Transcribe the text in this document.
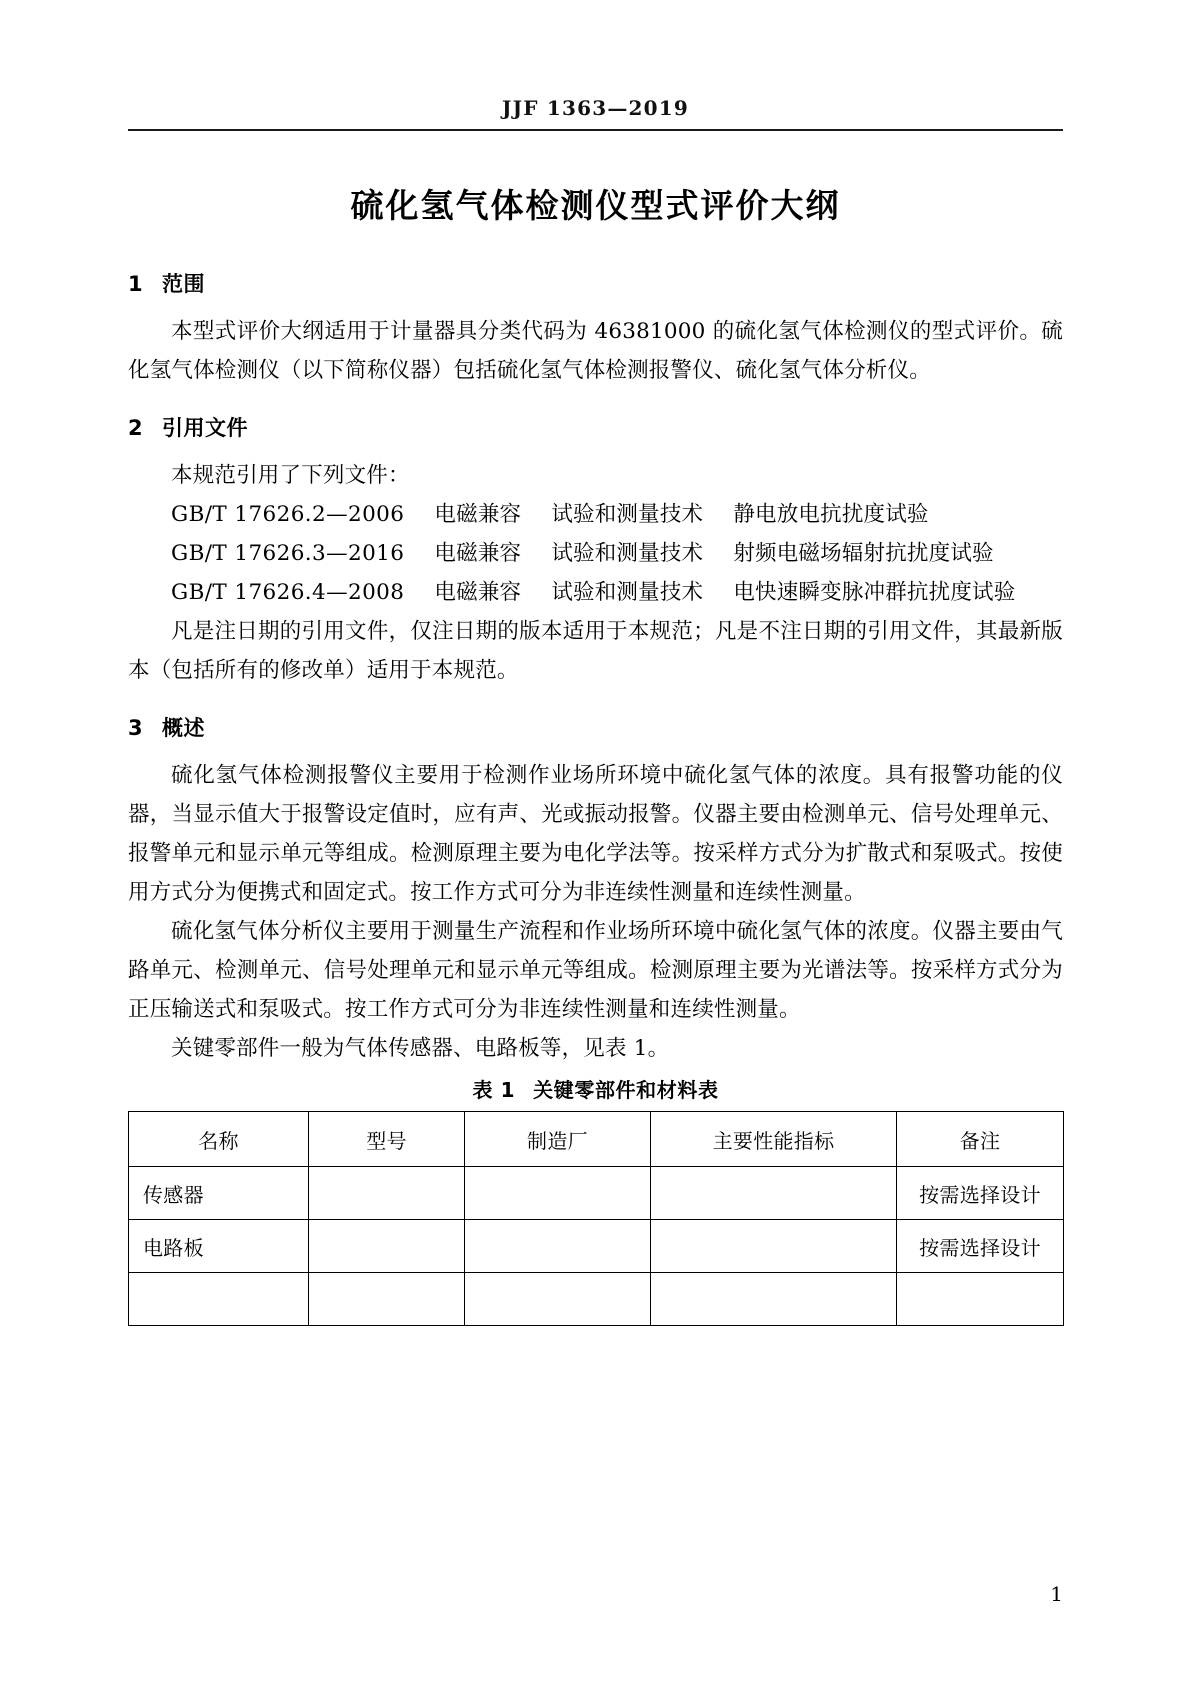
JJF 1363—2019
硫化氢气体检测仪型式评价大纲
1 范围

本型式评价大纲适用于计量器具分类代码为 46381000 的硫化氢气体检测仪的型式评价。硫化氢气体检测仪（以下简称仪器）包括硫化氢气体检测报警仪、硫化氢气体分析仪。

2 引用文件

本规范引用了下列文件：

GB/T 17626.2—2006 电磁兼容 试验和测量技术 静电放电抗扰度试验
GB/T 17626.3—2016 电磁兼容 试验和测量技术 射频电磁场辐射抗扰度试验
GB/T 17626.4—2008 电磁兼容 试验和测量技术 电快速瞬变脉冲群抗扰度试验

凡是注日期的引用文件，仅注日期的版本适用于本规范；凡是不注日期的引用文件，其最新版本（包括所有的修改单）适用于本规范。

3 概述

硫化氢气体检测报警仪主要用于检测作业场所环境中硫化氢气体的浓度。具有报警功能的仪器，当显示值大于报警设定值时，应有声、光或振动报警。仪器主要由检测单元、信号处理单元、报警单元和显示单元等组成。检测原理主要为电化学法等。按采样方式分为扩散式和泵吸式。按使用方式分为便携式和固定式。按工作方式可分为非连续性测量和连续性测量。

硫化氢气体分析仪主要用于测量生产流程和作业场所环境中硫化氢气体的浓度。仪器主要由气路单元、检测单元、信号处理单元和显示单元等组成。检测原理主要为光谱法等。按采样方式分为正压输送式和泵吸式。按工作方式可分为非连续性测量和连续性测量。

关键零部件一般为气体传感器、电路板等，见表 1。

表 1 关键零部件和材料表
名称	型号	制造厂	主要性能指标	备注
传感器				按需选择设计
电路板				按需选择设计

1
